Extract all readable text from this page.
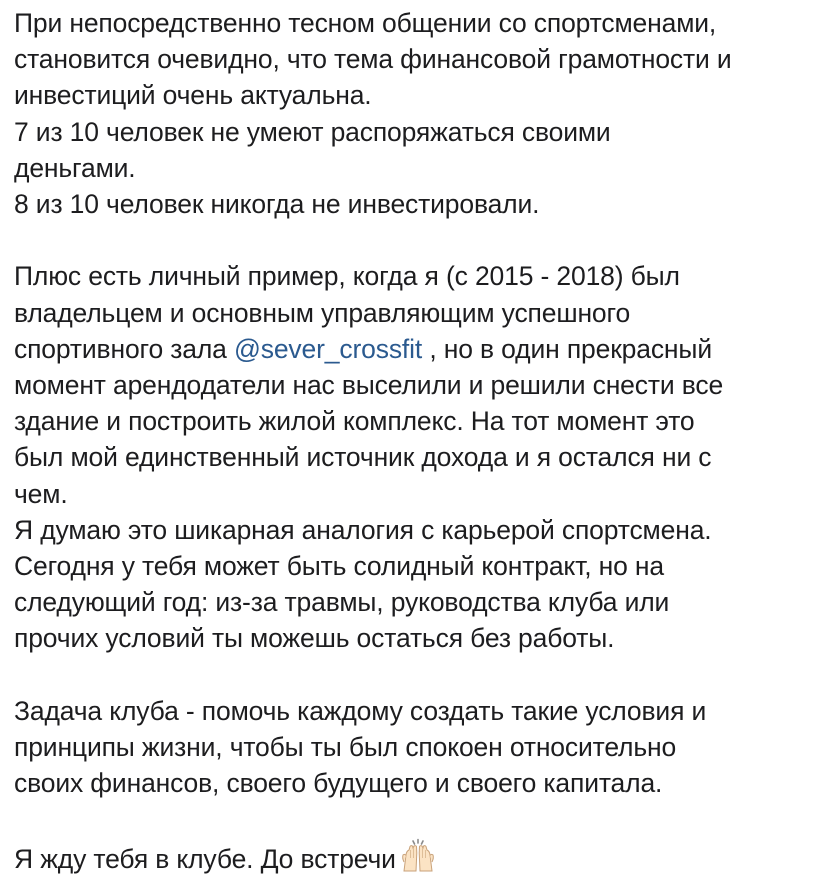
При непосредственно тесном общении со спортсменами,

становится очевидно, что тема финансовой грамотности и

инвестиций очень актуальна.

7 из 10 человек не умеют распоряжаться своими

деньгами.

8 из 10 человек никогда не инвестировали.

Плюс есть личный пример, когда я (с 2015 - 2018) был

владельцем и основным управляющим успешного

спортивного зала @sever_crossfit , но в один прекрасный

момент арендодатели нас выселили и решили снести все

здание и построить жилой комплекс. На тот момент это

был мой единственный источник дохода и я остался ни с

чем.

Я думаю это шикарная аналогия с карьерой спортсмена.

Сегодня у тебя может быть солидный контракт, но на

следующий год: из-за травмы, руководства клуба или

прочих условий ты можешь остаться без работы.

Задача клуба - помочь каждому создать такие условия и

принципы жизни, чтобы ты был спокоен относительно

своих финансов, своего будущего и своего капитала.

Я жду тебя в клубе. До встречи
